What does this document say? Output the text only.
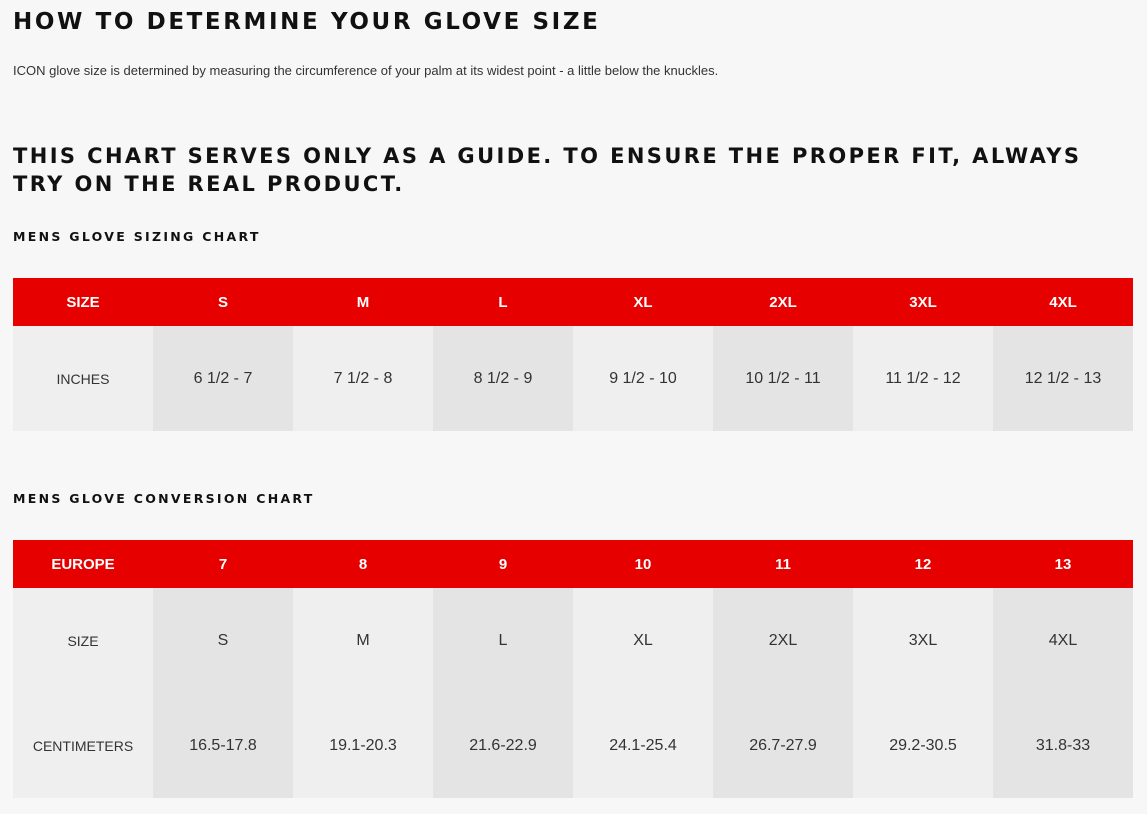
HOW TO DETERMINE YOUR GLOVE SIZE

ICON glove size is determined by measuring the circumference of your palm at its widest point - a little below the knuckles.

THIS CHART SERVES ONLY AS A GUIDE. TO ENSURE THE PROPER FIT, ALWAYS TRY ON THE REAL PRODUCT.
MENS GLOVE SIZING CHART
SIZE	S	M	L	XL	2XL	3XL	4XL
INCHES	6 1/2 - 7	7 1/2 - 8	8 1/2 - 9	9 1/2 - 10	10 1/2 - 11	11 1/2 - 12	12 1/2 - 13
MENS GLOVE CONVERSION CHART
EUROPE	7	8	9	10	11	12	13
SIZE	S	M	L	XL	2XL	3XL	4XL
CENTIMETERS	16.5-17.8	19.1-20.3	21.6-22.9	24.1-25.4	26.7-27.9	29.2-30.5	31.8-33
